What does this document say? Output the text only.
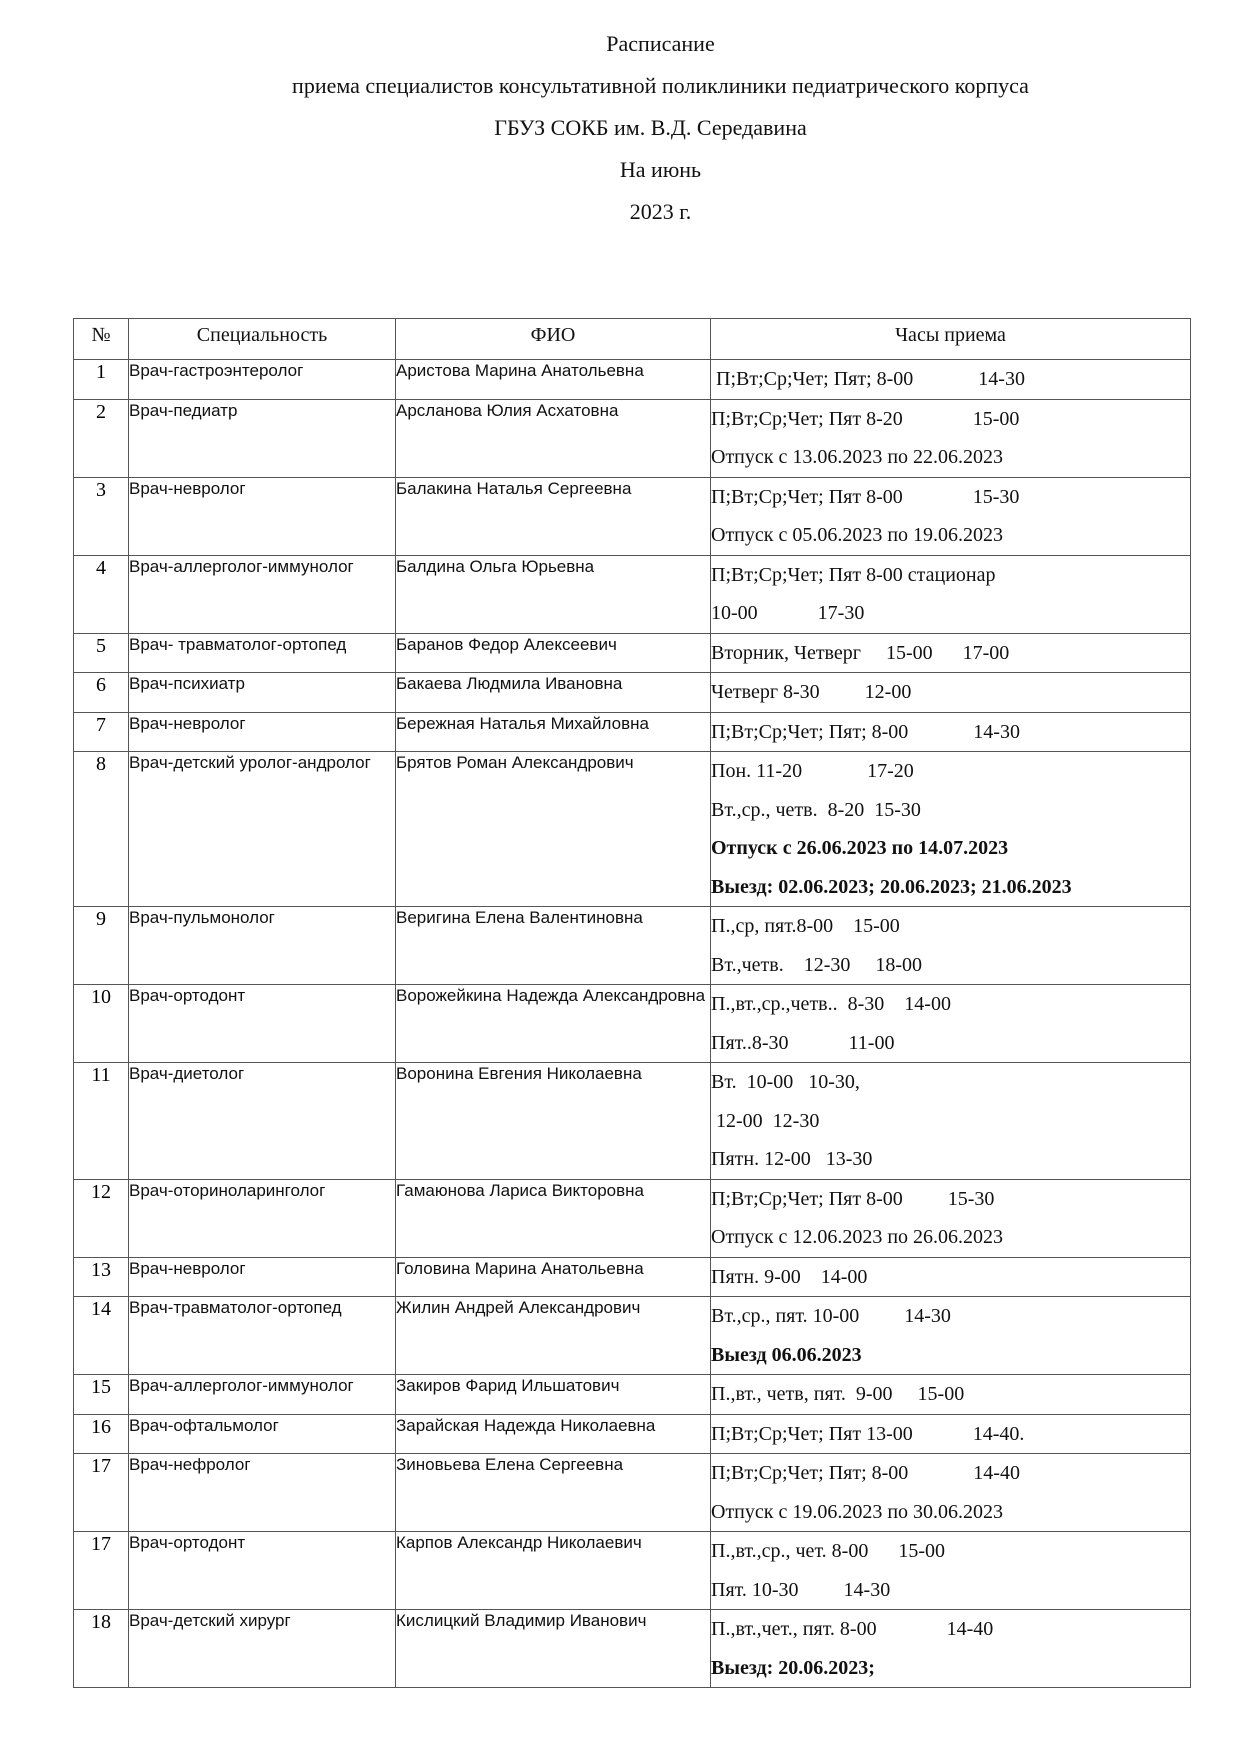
Расписание
приема специалистов консультативной поликлиники педиатрического корпуса
ГБУЗ СОКБ им. В.Д. Середавина
На июнь
2023 г.
№	Специальность	ФИО	Часы приема
1	Врач-гастроэнтеролог	Аристова Марина Анатольевна	П;Вт;Ср;Чет; Пят; 8-00             14-30

2	Врач-педиатр	Арсланова Юлия Асхатовна	П;Вт;Ср;Чет; Пят 8-20              15-00
Отпуск с 13.06.2023 по 22.06.2023

3	Врач-невролог	Балакина Наталья Сергеевна	П;Вт;Ср;Чет; Пят 8-00              15-30
Отпуск с 05.06.2023 по 19.06.2023

4	Врач-аллерголог-иммунолог	Балдина Ольга Юрьевна	П;Вт;Ср;Чет; Пят 8-00 стационар
10-00            17-30

5	Врач- травматолог-ортопед	Баранов Федор Алексеевич	Вторник, Четверг     15-00      17-00

6	Врач-психиатр	Бакаева Людмила Ивановна	Четверг 8-30         12-00

7	Врач-невролог	Бережная Наталья Михайловна	П;Вт;Ср;Чет; Пят; 8-00             14-30

8	Врач-детский уролог-андролог	Брятов Роман Александрович	Пон. 11-20             17-20
Вт.,ср., четв.  8-20  15-30
Отпуск с 26.06.2023 по 14.07.2023
Выезд: 02.06.2023; 20.06.2023; 21.06.2023

9	Врач-пульмонолог	Веригина Елена Валентиновна	П.,ср, пят.8-00    15-00
Вт.,четв.    12-30     18-00

10	Врач-ортодонт	Ворожейкина Надежда Александровна	П.,вт.,ср.,четв..  8-30    14-00
Пят..8-30            11-00

11	Врач-диетолог	Воронина Евгения Николаевна	Вт.  10-00   10-30,
12-00  12-30
Пятн. 12-00   13-30

12	Врач-оториноларинголог	Гамаюнова Лариса Викторовна	П;Вт;Ср;Чет; Пят 8-00         15-30
Отпуск с 12.06.2023 по 26.06.2023

13	Врач-невролог	Головина Марина Анатольевна	Пятн. 9-00    14-00

14	Врач-травматолог-ортопед	Жилин Андрей Александрович	Вт.,ср., пят. 10-00         14-30
Выезд 06.06.2023

15	Врач-аллерголог-иммунолог	Закиров Фарид Ильшатович	П.,вт., четв, пят.  9-00     15-00

16	Врач-офтальмолог	Зарайская Надежда Николаевна	П;Вт;Ср;Чет; Пят 13-00            14-40.

17	Врач-нефролог	Зиновьева Елена Сергеевна	П;Вт;Ср;Чет; Пят; 8-00             14-40
Отпуск с 19.06.2023 по 30.06.2023

17	Врач-ортодонт	Карпов Александр Николаевич	П.,вт.,ср., чет. 8-00      15-00
Пят. 10-30         14-30

18	Врач-детский хирург	Кислицкий Владимир Иванович	П.,вт.,чет., пят. 8-00              14-40
Выезд: 20.06.2023;
